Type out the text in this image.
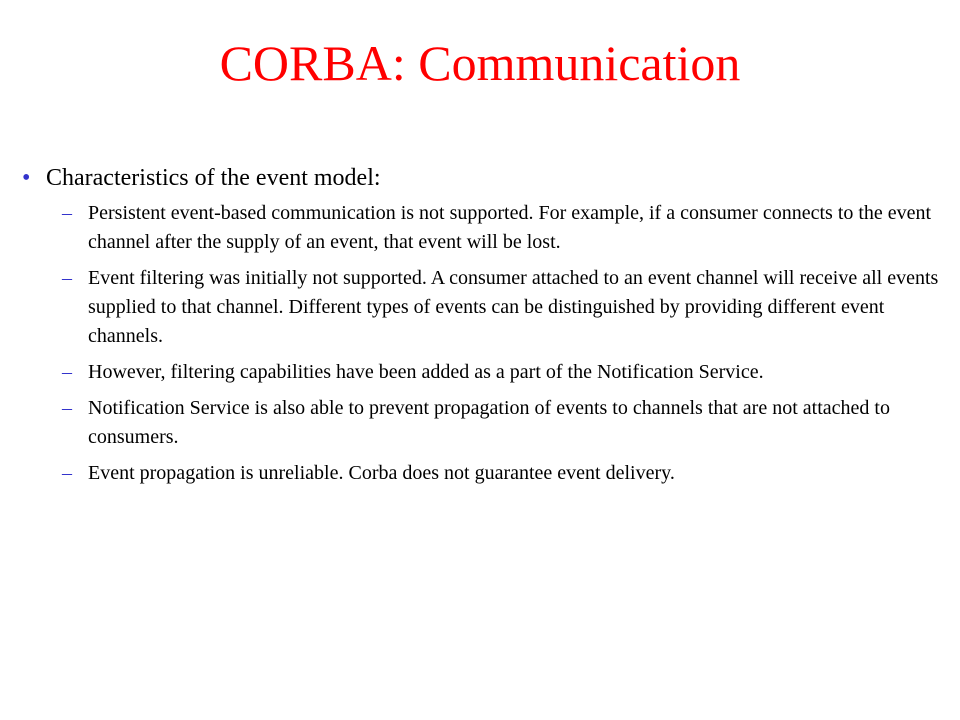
CORBA: Communication
• Characteristics of the event model:
– Persistent event-based communication is not supported. For example, if a consumer connects to the event channel after the supply of an event, that event will be lost.
– Event filtering was initially not supported. A consumer attached to an event channel will receive all events supplied to that channel. Different types of events can be distinguished by providing different event channels.
– However, filtering capabilities have been added as a part of the Notification Service.
– Notification Service is also able to prevent propagation of events to channels that are not attached to consumers.
– Event propagation is unreliable. Corba does not guarantee event delivery.
